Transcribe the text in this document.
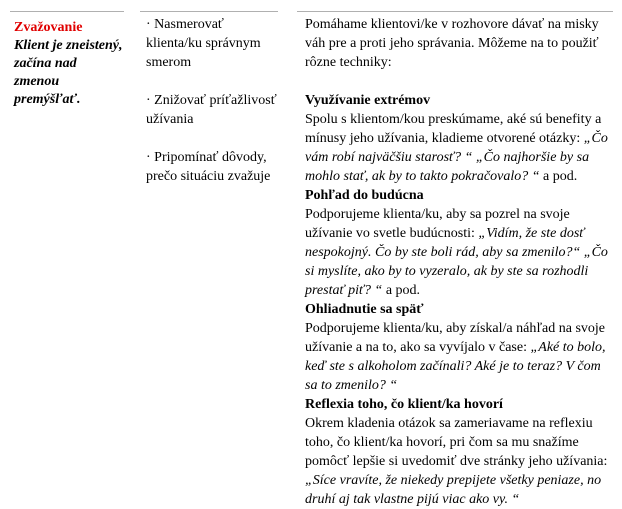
Zvažovanie
Klient je zneistený, začína nad zmenou premýšľať.
· Nasmerovať klienta/ku správnym smerom
· Znižovať príťažlivosť užívania
· Pripomínať dôvody, prečo situáciu zvažuje
Pomáhame klientovi/ke v rozhovore dávať na misky váh pre a proti jeho správania. Môžeme na to použiť rôzne techniky:
Využívanie extrémov
Spolu s klientom/kou preskúmame, aké sú benefity a mínusy jeho užívania, kladieme otvorené otázky: „Čo vám robí najväčšiu starosť? “ „Čo najhoršie by sa mohlo stať, ak by to takto pokračovalo? “ a pod.
Pohľad do budúcna
Podporujeme klienta/ku, aby sa pozrel na svoje užívanie vo svetle budúcnosti: „Vidím, že ste dosť nespokojný. Čo by ste boli rád, aby sa zmenilo?“ „Čo si myslíte, ako by to vyzeralo, ak by ste sa rozhodli prestať piť? “ a pod.
Ohliadnutie sa späť
Podporujeme klienta/ku, aby získal/a náhľad na svoje užívanie a na to, ako sa vyvíjalo v čase: „Aké to bolo, keď ste s alkoholom začínali? Aké je to teraz? V čom sa to zmenilo? “
Reflexia toho, čo klient/ka hovorí
Okrem kladenia otázok sa zameriavame na reflexiu toho, čo klient/ka hovorí, pri čom sa mu snažíme pomôcť lepšie si uvedomiť dve stránky jeho užívania: „Síce vravíte, že niekedy prepijete všetky peniaze, no druhí aj tak vlastne pijú viac ako vy. “
